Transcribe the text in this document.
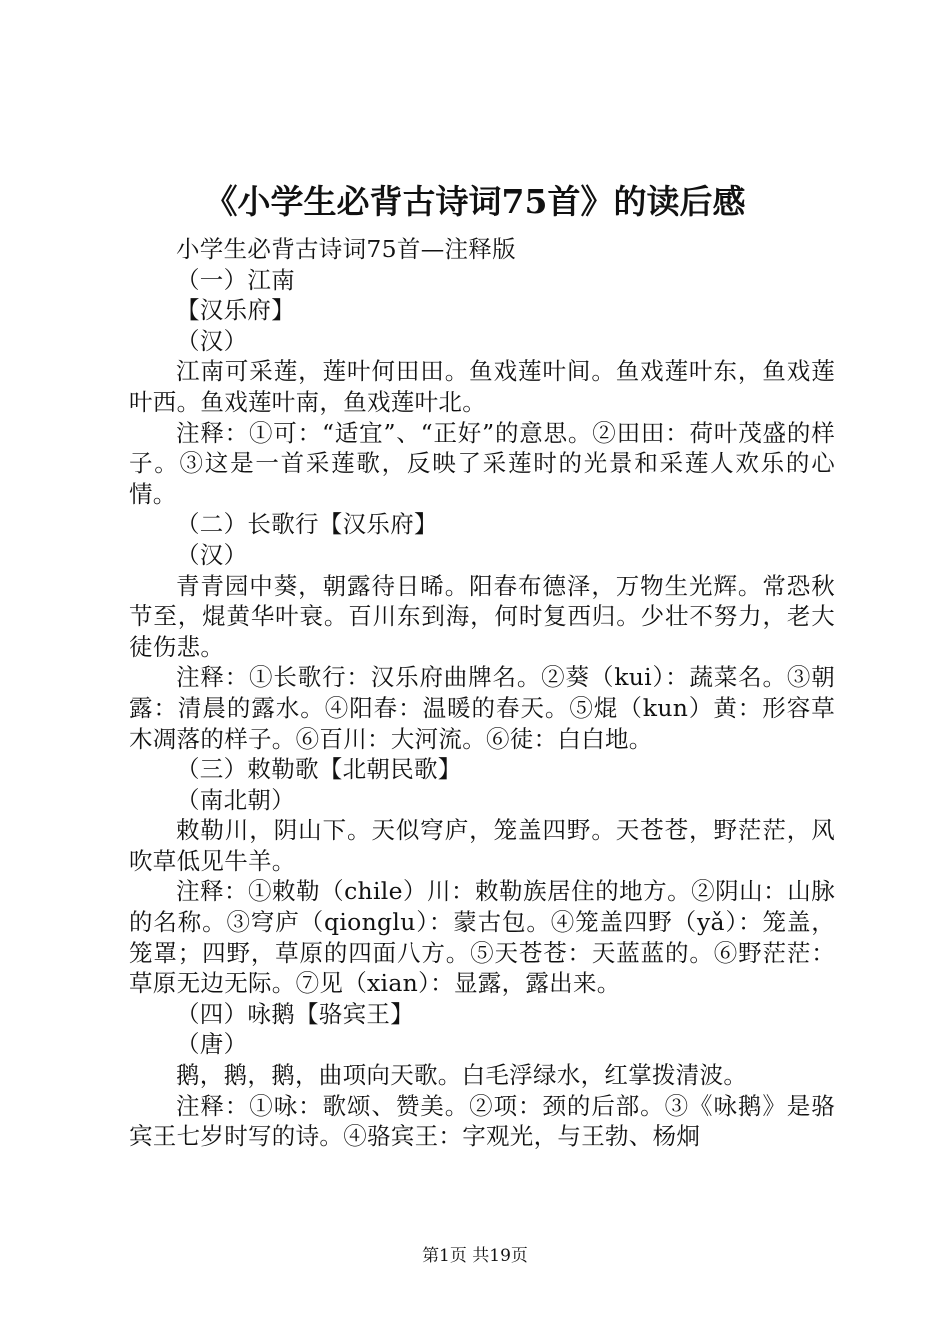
《小学生必背古诗词75首》的读后感

小学生必背古诗词75首—注释版

（一）江南

【汉乐府】

（汉）

江南可采莲，莲叶何田田。鱼戏莲叶间。鱼戏莲叶东，鱼戏莲叶西。鱼戏莲叶南，鱼戏莲叶北。

注释：①可：“适宜”、“正好”的意思。②田田：荷叶茂盛的样子。③这是一首采莲歌，反映了采莲时的光景和采莲人欢乐的心情。

（二）长歌行【汉乐府】

（汉）

青青园中葵，朝露待日晞。阳春布德泽，万物生光辉。常恐秋节至，焜黄华叶衰。百川东到海，何时复西归。少壮不努力，老大徒伤悲。

注释：①长歌行：汉乐府曲牌名。②葵（kui）：蔬菜名。③朝露：清晨的露水。④阳春：温暖的春天。⑤焜（kun）黄：形容草木凋落的样子。⑥百川：大河流。⑥徒：白白地。

（三）敕勒歌【北朝民歌】

（南北朝）

敕勒川，阴山下。天似穹庐，笼盖四野。天苍苍，野茫茫，风吹草低见牛羊。

注释：①敕勒（chile）川：敕勒族居住的地方。②阴山：山脉的名称。③穹庐（qionglu）：蒙古包。④笼盖四野（yǎ）：笼盖，笼罩；四野，草原的四面八方。⑤天苍苍：天蓝蓝的。⑥野茫茫：草原无边无际。⑦见（xian）：显露，露出来。

（四）咏鹅【骆宾王】

（唐）

鹅，鹅，鹅，曲项向天歌。白毛浮绿水，红掌拨清波。

注释：①咏：歌颂、赞美。②项：颈的后部。③《咏鹅》是骆宾王七岁时写的诗。④骆宾王：字观光，与王勃、杨炯

第1页 共19页
